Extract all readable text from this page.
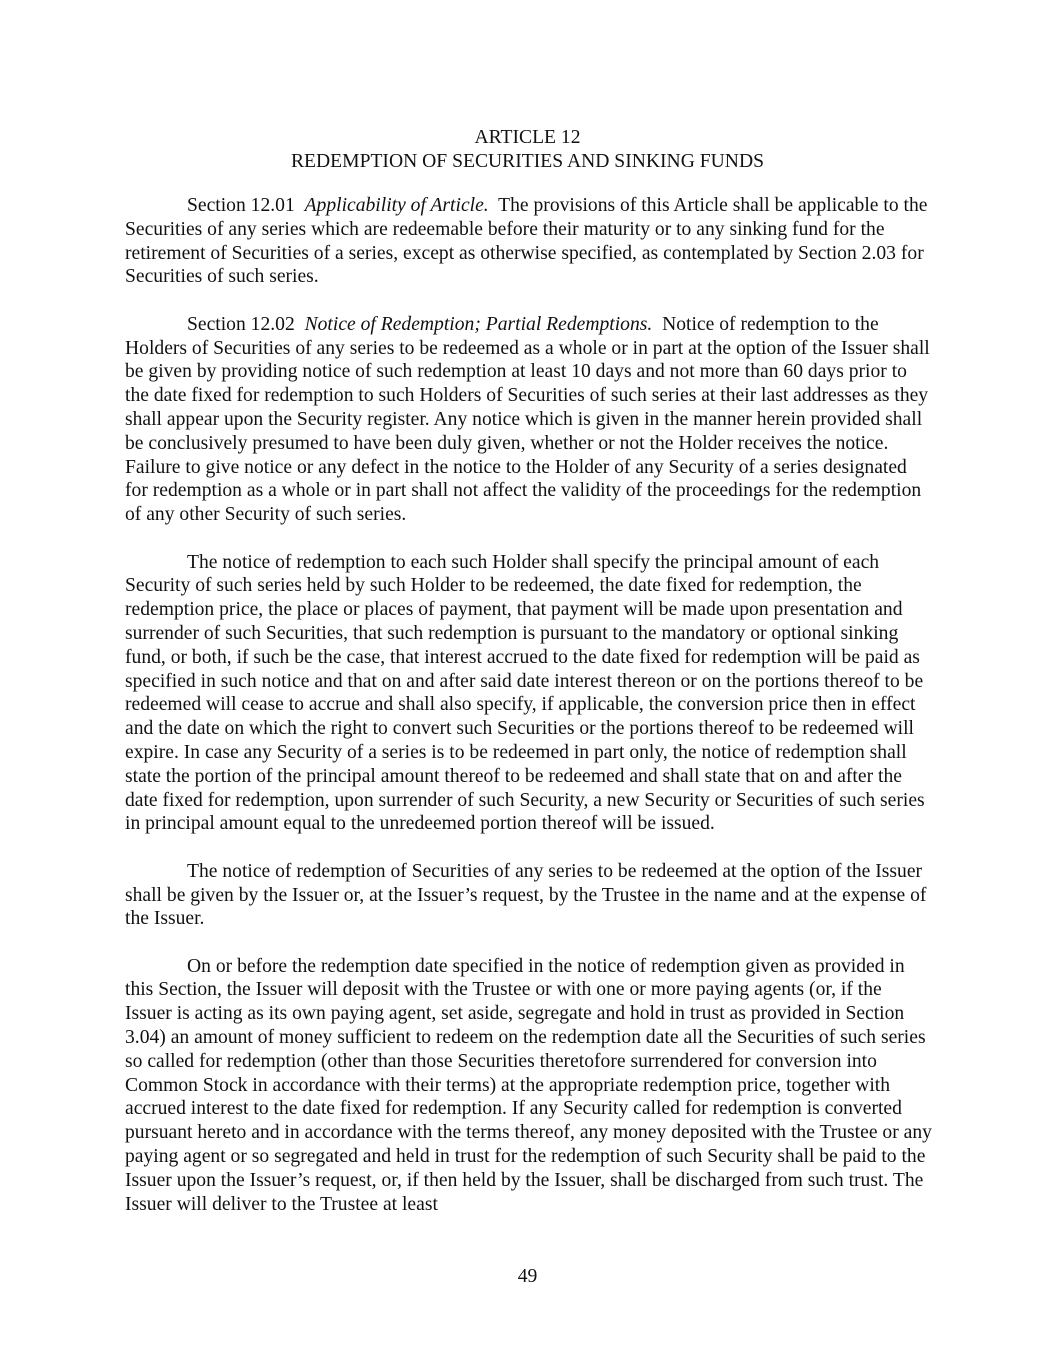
ARTICLE 12
REDEMPTION OF SECURITIES AND SINKING FUNDS

Section 12.01 Applicability of Article. The provisions of this Article shall be applicable to the Securities of any series which are redeemable before their maturity or to any sinking fund for the retirement of Securities of a series, except as otherwise specified, as contemplated by Section 2.03 for Securities of such series.

Section 12.02 Notice of Redemption; Partial Redemptions. Notice of redemption to the Holders of Securities of any series to be redeemed as a whole or in part at the option of the Issuer shall be given by providing notice of such redemption at least 10 days and not more than 60 days prior to the date fixed for redemption to such Holders of Securities of such series at their last addresses as they shall appear upon the Security register. Any notice which is given in the manner herein provided shall be conclusively presumed to have been duly given, whether or not the Holder receives the notice. Failure to give notice or any defect in the notice to the Holder of any Security of a series designated for redemption as a whole or in part shall not affect the validity of the proceedings for the redemption of any other Security of such series.

The notice of redemption to each such Holder shall specify the principal amount of each Security of such series held by such Holder to be redeemed, the date fixed for redemption, the redemption price, the place or places of payment, that payment will be made upon presentation and surrender of such Securities, that such redemption is pursuant to the mandatory or optional sinking fund, or both, if such be the case, that interest accrued to the date fixed for redemption will be paid as specified in such notice and that on and after said date interest thereon or on the portions thereof to be redeemed will cease to accrue and shall also specify, if applicable, the conversion price then in effect and the date on which the right to convert such Securities or the portions thereof to be redeemed will expire. In case any Security of a series is to be redeemed in part only, the notice of redemption shall state the portion of the principal amount thereof to be redeemed and shall state that on and after the date fixed for redemption, upon surrender of such Security, a new Security or Securities of such series in principal amount equal to the unredeemed portion thereof will be issued.

The notice of redemption of Securities of any series to be redeemed at the option of the Issuer shall be given by the Issuer or, at the Issuer’s request, by the Trustee in the name and at the expense of the Issuer.

On or before the redemption date specified in the notice of redemption given as provided in this Section, the Issuer will deposit with the Trustee or with one or more paying agents (or, if the Issuer is acting as its own paying agent, set aside, segregate and hold in trust as provided in Section 3.04) an amount of money sufficient to redeem on the redemption date all the Securities of such series so called for redemption (other than those Securities theretofore surrendered for conversion into Common Stock in accordance with their terms) at the appropriate redemption price, together with accrued interest to the date fixed for redemption. If any Security called for redemption is converted pursuant hereto and in accordance with the terms thereof, any money deposited with the Trustee or any paying agent or so segregated and held in trust for the redemption of such Security shall be paid to the Issuer upon the Issuer’s request, or, if then held by the Issuer, shall be discharged from such trust. The Issuer will deliver to the Trustee at least

49
